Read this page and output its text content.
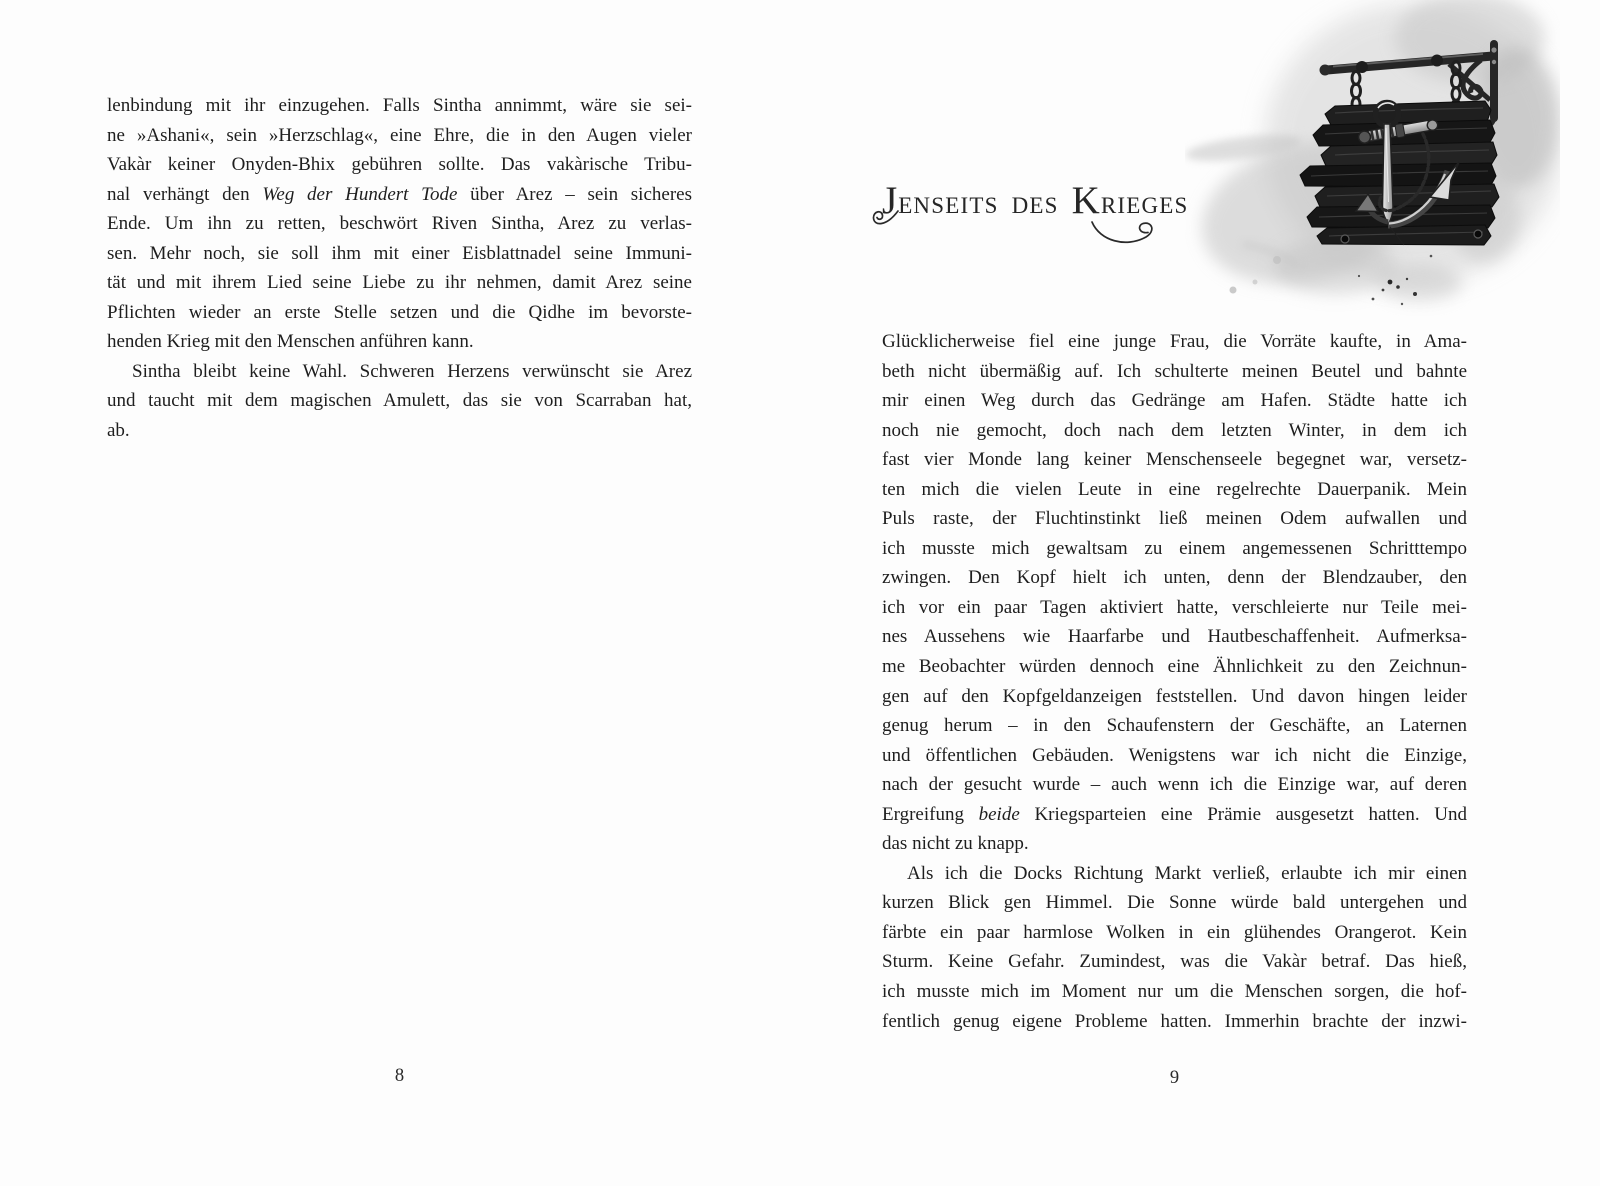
lenbindung mit ihr einzugehen. Falls Sintha annimmt, wäre sie sei-
ne »Ashani«, sein »Herzschlag«, eine Ehre, die in den Augen vieler
Vakàr keiner Onyden-Bhix gebühren sollte. Das vakàrische Tribu-
nal verhängt den Weg der Hundert Tode über Arez – sein sicheres
Ende. Um ihn zu retten, beschwört Riven Sintha, Arez zu verlas-
sen. Mehr noch, sie soll ihm mit einer Eisblattnadel seine Immuni-
tät und mit ihrem Lied seine Liebe zu ihr nehmen, damit Arez seine
Pflichten wieder an erste Stelle setzen und die Qidhe im bevorste-
henden Krieg mit den Menschen anführen kann.
Sintha bleibt keine Wahl. Schweren Herzens verwünscht sie Arez
und taucht mit dem magischen Amulett, das sie von Scarraban hat,
ab.
8
J ENSEITS DES K RIEGES
Glücklicherweise fiel eine junge Frau, die Vorräte kaufte, in Ama-
beth nicht übermäßig auf. Ich schulterte meinen Beutel und bahnte
mir einen Weg durch das Gedränge am Hafen. Städte hatte ich
noch nie gemocht, doch nach dem letzten Winter, in dem ich
fast vier Monde lang keiner Menschenseele begegnet war, versetz-
ten mich die vielen Leute in eine regelrechte Dauerpanik. Mein
Puls raste, der Fluchtinstinkt ließ meinen Odem aufwallen und
ich musste mich gewaltsam zu einem angemessenen Schritttempo
zwingen. Den Kopf hielt ich unten, denn der Blendzauber, den
ich vor ein paar Tagen aktiviert hatte, verschleierte nur Teile mei-
nes Aussehens wie Haarfarbe und Hautbeschaffenheit. Aufmerksa-
me Beobachter würden dennoch eine Ähnlichkeit zu den Zeichnun-
gen auf den Kopfgeldanzeigen feststellen. Und davon hingen leider
genug herum – in den Schaufenstern der Geschäfte, an Laternen
und öffentlichen Gebäuden. Wenigstens war ich nicht die Einzige,
nach der gesucht wurde – auch wenn ich die Einzige war, auf deren
Ergreifung beide Kriegsparteien eine Prämie ausgesetzt hatten. Und
das nicht zu knapp.
Als ich die Docks Richtung Markt verließ, erlaubte ich mir einen
kurzen Blick gen Himmel. Die Sonne würde bald untergehen und
färbte ein paar harmlose Wolken in ein glühendes Orangerot. Kein
Sturm. Keine Gefahr. Zumindest, was die Vakàr betraf. Das hieß,
ich musste mich im Moment nur um die Menschen sorgen, die hof-
fentlich genug eigene Probleme hatten. Immerhin brachte der inzwi-
9
